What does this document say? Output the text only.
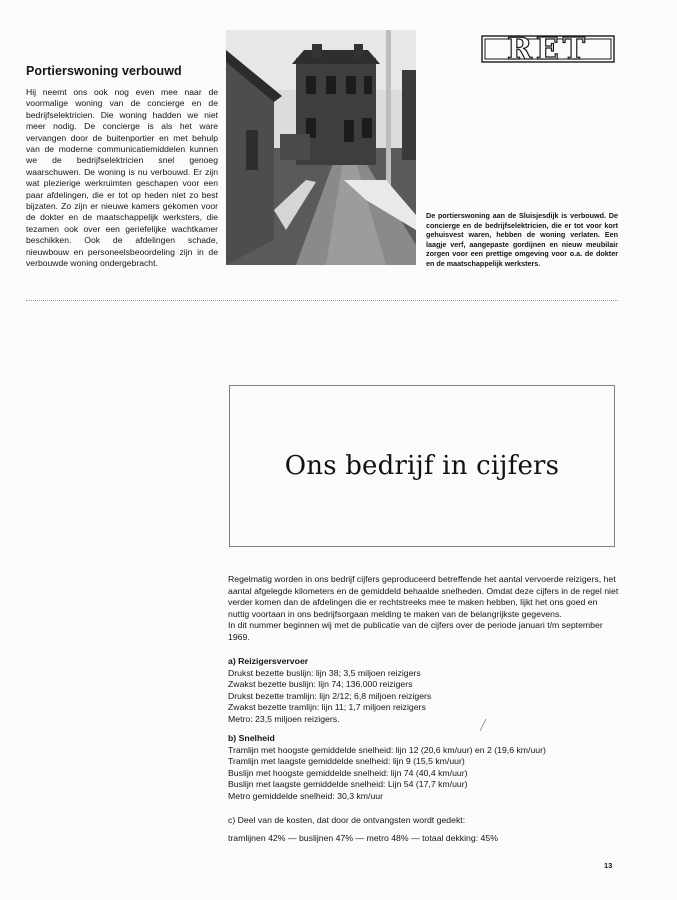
Portierswoning verbouwd

Hij neemt ons ook nog even mee naar de voormalige woning van de concierge en de bedrijfselektricien. Die woning hadden we niet meer nodig. De concierge is als het ware vervangen door de buitenportier en met behulp van de moderne communicatiemiddelen kunnen we de bedrijfselektricien snel genoeg waarschuwen. De woning is nu verbouwd. Er zijn wat plezierige werkruimten geschapen voor een paar afdelingen, die er tot op heden niet zo best bijzaten. Zo zijn er nieuwe kamers gekomen voor de dokter en de maatschappelijk werksters, die tezamen ook over een geriefelijke wachtkamer beschikken. Ook de afdelingen schade, nieuwbouw en personeelsbeoordeling zijn in de verbouwde woning ondergebracht.

De portierswoning aan de Sluisjesdijk is verbouwd. De concierge en de bedrijfselektricien, die er tot voor kort gehuisvest waren, hebben de woning verlaten. Een laagje verf, aangepaste gordijnen en nieuw meubilair zorgen voor een prettige omgeving voor o.a. de dokter en de maatschappelijk werksters.

RET
Ons bedrijf in cijfers

Regelmatig worden in ons bedrijf cijfers geproduceerd betreffende het aantal vervoerde reizigers, het aantal afgelegde kilometers en de gemiddeld behaalde snelheden. Omdat deze cijfers in de regel niet verder komen dan de afdelingen die er rechtstreeks mee te maken hebben, lijkt het ons goed en nuttig voortaan in ons bedrijfsorgaan melding te maken van de belangrijkste gegevens.

In dit nummer beginnen wij met de publicatie van de cijfers over de periode januari t/m september 1969.

a) Reizigersvervoer
Drukst bezette buslijn: lijn 38; 3,5 miljoen reizigers
Zwakst bezette buslijn: lijn 74; 136.000 reizigers
Drukst bezette tramlijn: lijn 2/12; 6,8 miljoen reizigers
Zwakst bezette tramlijn: lijn 11; 1,7 miljoen reizigers
Metro: 23,5 miljoen reizigers.
b) Snelheid
Tramlijn met hoogste gemiddelde snelheid: lijn 12 (20,6 km/uur) en 2 (19,6 km/uur)
Tramlijn met laagste gemiddelde snelheid: lijn 9 (15,5 km/uur)
Buslijn met hoogste gemiddelde snelheid: lijn 74 (40,4 km/uur)
Buslijn met laagste gemiddelde snelheid: Lijn 54 (17,7 km/uur)
Metro gemiddelde snelheid: 30,3 km/uur
c) Deel van de kosten, dat door de ontvangsten wordt gedekt:
tramlijnen 42% — buslijnen 47% — metro 48% — totaal dekking: 45%
13
